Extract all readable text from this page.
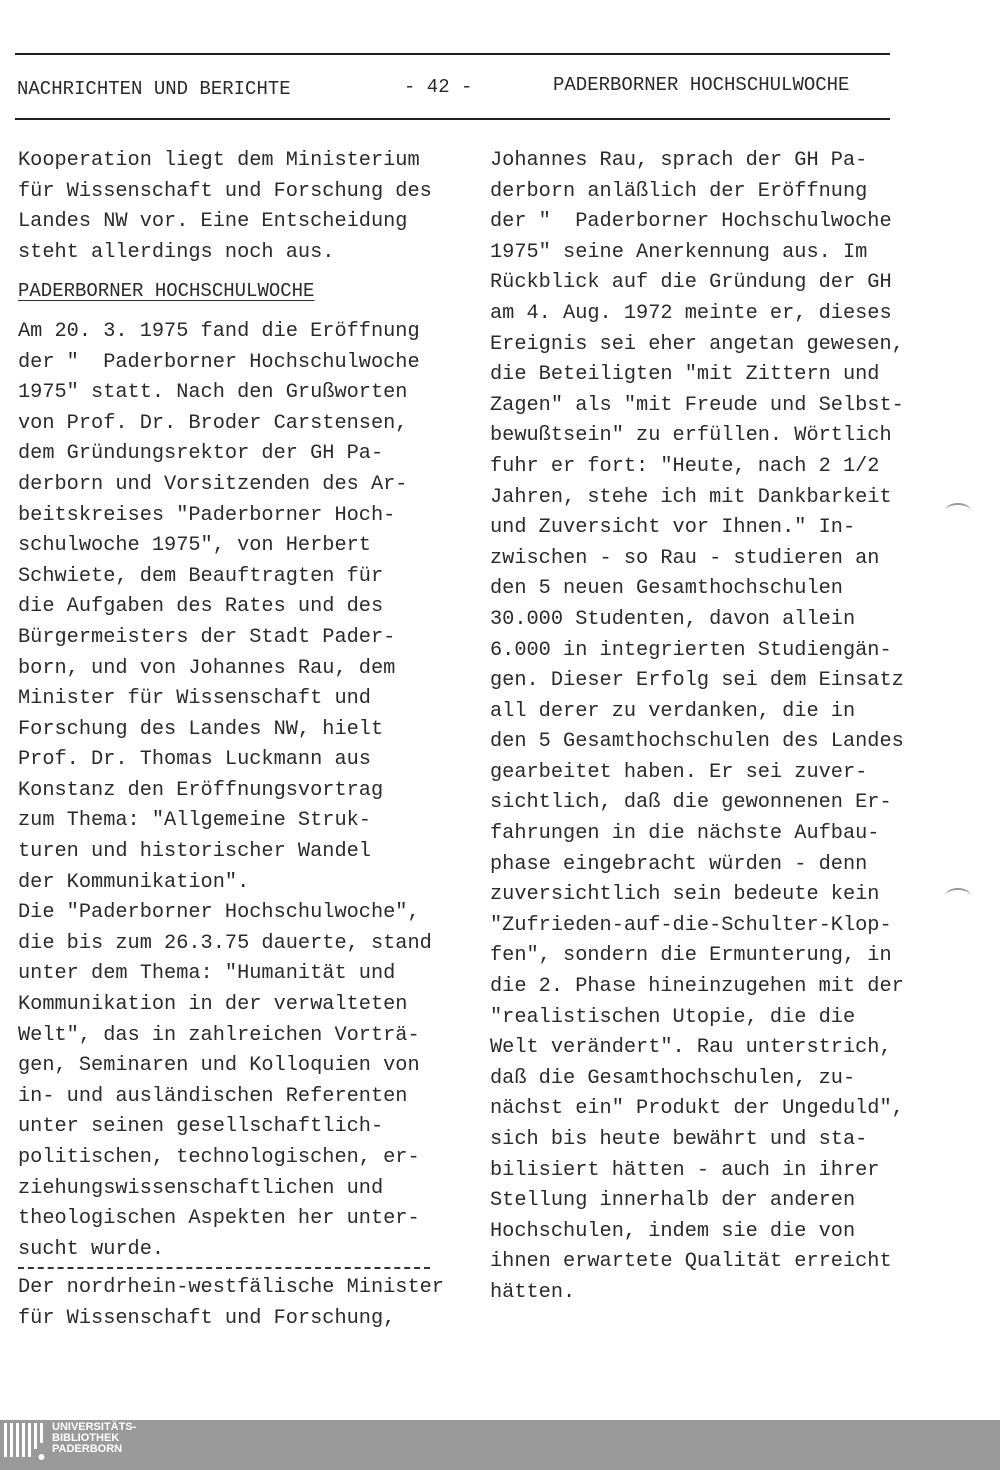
NACHRICHTEN UND BERICHTE	- 42 -	PADERBORNER HOCHSCHULWOCHE
Kooperation liegt dem Ministerium
für Wissenschaft und Forschung des
Landes NW vor. Eine Entscheidung
steht allerdings noch aus.
PADERBORNER HOCHSCHULWOCHE
Am 20. 3. 1975 fand die Eröffnung
der "  Paderborner Hochschulwoche
1975" statt. Nach den Grußworten
von Prof. Dr. Broder Carstensen,
dem Gründungsrektor der GH Pa-
derborn und Vorsitzenden des Ar-
beitskreises "Paderborner Hoch-
schulwoche 1975", von Herbert
Schwiete, dem Beauftragten für
die Aufgaben des Rates und des
Bürgermeisters der Stadt Pader-
born, und von Johannes Rau, dem
Minister für Wissenschaft und
Forschung des Landes NW, hielt
Prof. Dr. Thomas Luckmann aus
Konstanz den Eröffnungsvortrag
zum Thema: "Allgemeine Struk-
turen und historischer Wandel
der Kommunikation".
Die "Paderborner Hochschulwoche",
die bis zum 26.3.75 dauerte, stand
unter dem Thema: "Humanität und
Kommunikation in der verwalteten
Welt", das in zahlreichen Vorträ-
gen, Seminaren und Kolloquien von
in- und ausländischen Referenten
unter seinen gesellschaftlich-
politischen, technologischen, er-
ziehungswissenschaftlichen und
theologischen Aspekten her unter-
sucht wurde.
Der nordrhein-westfälische Minister
für Wissenschaft und Forschung,
Johannes Rau, sprach der GH Pa-
derborn anläßlich der Eröffnung
der "  Paderborner Hochschulwoche
1975" seine Anerkennung aus. Im
Rückblick auf die Gründung der GH
am 4. Aug. 1972 meinte er, dieses
Ereignis sei eher angetan gewesen,
die Beteiligten "mit Zittern und
Zagen" als "mit Freude und Selbst-
bewußtsein" zu erfüllen. Wörtlich
fuhr er fort: "Heute, nach 2 1/2
Jahren, stehe ich mit Dankbarkeit
und Zuversicht vor Ihnen." In-
zwischen - so Rau - studieren an
den 5 neuen Gesamthochschulen
30.000 Studenten, davon allein
6.000 in integrierten Studiengän-
gen. Dieser Erfolg sei dem Einsatz
all derer zu verdanken, die in
den 5 Gesamthochschulen des Landes
gearbeitet haben. Er sei zuver-
sichtlich, daß die gewonnenen Er-
fahrungen in die nächste Aufbau-
phase eingebracht würden - denn
zuversichtlich sein bedeute kein
"Zufrieden-auf-die-Schulter-Klop-
fen", sondern die Ermunterung, in
die 2. Phase hineinzugehen mit der
"realistischen Utopie, die die
Welt verändert". Rau unterstrich,
daß die Gesamthochschulen, zu-
nächst ein" Produkt der Ungeduld",
sich bis heute bewährt und sta-
bilisiert hätten - auch in ihrer
Stellung innerhalb der anderen
Hochschulen, indem sie die von
ihnen erwartete Qualität erreicht
hätten.
UNIVERSITÄTS-
BIBLIOTHEK
PADERBORN
